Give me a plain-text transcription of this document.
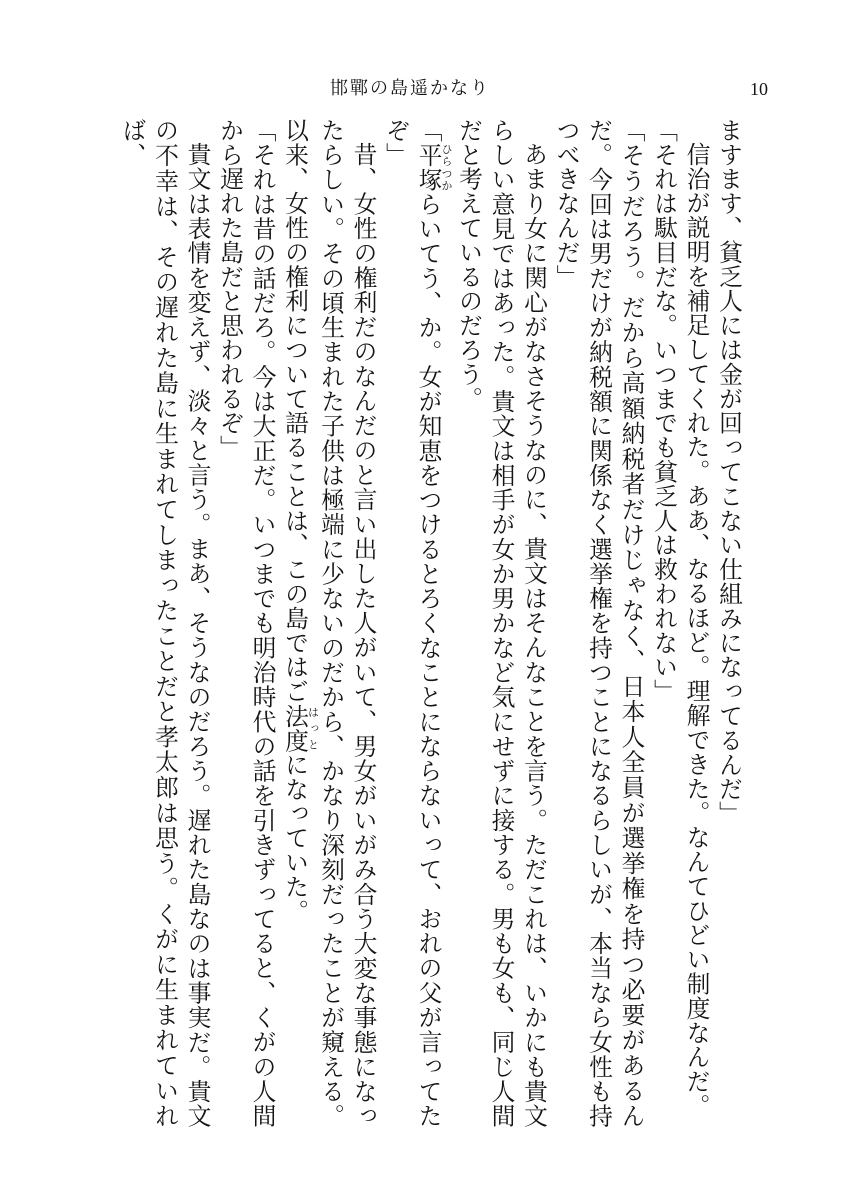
邯鄲の島遥かなり	10

ますます、貧乏人には金が回ってこない仕組みになってるんだ」

信治が説明を補足してくれた。ああ、なるほど。理解できた。なんてひどい制度なんだ。

「それは駄目だな。いつまでも貧乏人は救われない」

「そうだろう。だから高額納税者だけじゃなく、日本人全員が選挙権を持つ必要があるんだ。今回は男だけが納税額に関係なく選挙権を持つことになるらしいが、本当なら女性も持つべきなんだ」

あまり女に関心がなさそうなのに、貴文はそんなことを言う。ただこれは、いかにも貴文らしい意見ではあった。貴文は相手が女か男かなど気にせずに接する。男も女も、同じ人間だと考えているのだろう。

「平塚ひらつからいてう、か。女が知恵をつけるとろくなことにならないって、おれの父が言ってたぞ」

昔、女性の権利だのなんだのと言い出した人がいて、男女がいがみ合う大変な事態になったらしい。その頃生まれた子供は極端に少ないのだから、かなり深刻だったことが窺える。以来、女性の権利について語ることは、この島ではご法度はっとになっていた。

「それは昔の話だろ。今は大正だ。いつまでも明治時代の話を引きずってると、くがの人間から遅れた島だと思われるぞ」

貴文は表情を変えず、淡々と言う。まあ、そうなのだろう。遅れた島なのは事実だ。貴文の不幸は、その遅れた島に生まれてしまったことだと孝太郎は思う。くがに生まれていれば、
